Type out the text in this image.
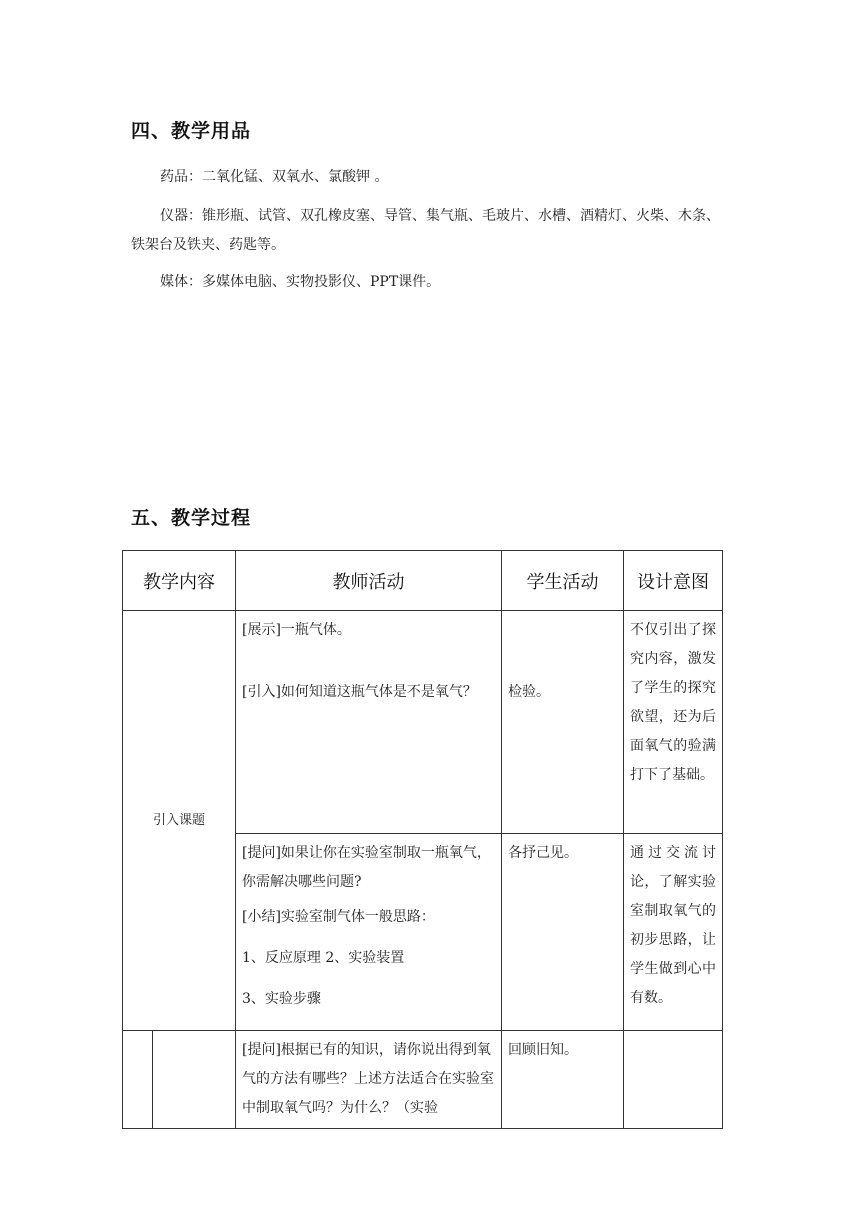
四、教学用品
药品：二氧化锰、双氧水、氯酸钾 。
仪器：锥形瓶、试管、双孔橡皮塞、导管、集气瓶、毛玻片、水槽、酒精灯、火柴、木条、铁架台及铁夹、药匙等。
媒体：多媒体电脑、实物投影仪、PPT课件。
五、教学过程
教学内容		教师活动	学生活动	设计意图
引入课题		[展示]一瓶气体。
[引入]如何知道这瓶气体是不是氧气？	检验。	不仅引出了探究内容，激发了学生的探究欲望，还为后面氧气的验满打下了基础。

		[提问]如果让你在实验室制取一瓶氧气，你需解决哪些问题?
[小结]实验室制气体一般思路：
1、反应原理 2、实验装置
3、实验步骤	各抒己见。	通过交流讨论，了解实验室制取氧气的初步思路，让学生做到心中有数。
		[提问]根据已有的知识，请你说出得到氧气的方法有哪些？上述方法适合在实验室中制取氧气吗？为什么？（实验	回顾旧知。	
